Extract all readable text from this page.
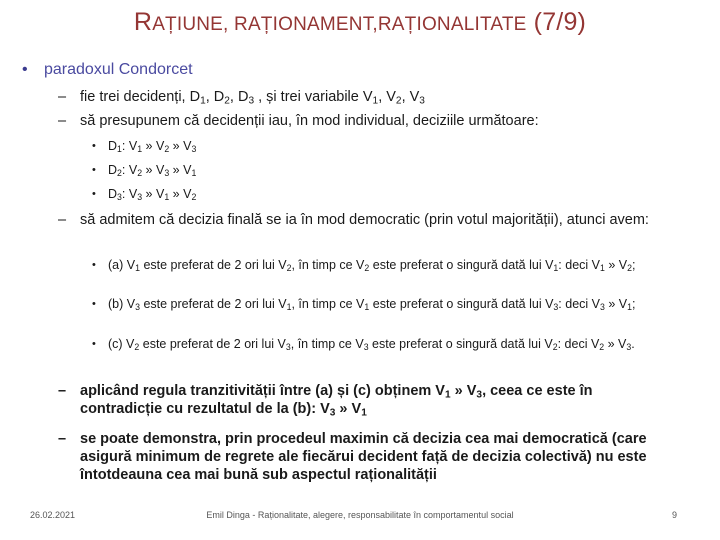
RAȚIUNE, RAȚIONAMENT,RAȚIONALITATE (7/9)
• paradoxul Condorcet
– fie trei decidenți, $D_1$, $D_2$, $D_3$ , și trei variabile $V_1$, $V_2$, $V_3$
– să presupunem că decidenții iau, în mod individual, deciziile următoare:
• $D_1$: $V_1$ » $V_2$ » $V_3$
• $D_2$: $V_2$ » $V_3$ » $V_1$
• $D_3$: $V_3$ » $V_1$ » $V_2$
– să admitem că decizia finală se ia în mod democratic (prin votul majorității), atunci avem:
• (a) $V_1$ este preferat de 2 ori lui $V_2$, în timp ce $V_2$ este preferat o singură dată lui $V_1$: deci $V_1$ » $V_2$;
• (b) $V_3$ este preferat de 2 ori lui $V_1$, în timp ce $V_1$ este preferat o singură dată lui $V_3$: deci $V_3$ » $V_1$;
• (c) $V_2$ este preferat de 2 ori lui $V_3$, în timp ce $V_3$ este preferat o singură dată lui $V_2$: deci $V_2$ » $V_3$.
– aplicând regula tranzitivității între (a) și (c) obținem $V_1$ » $V_3$, ceea ce este în contradicție cu rezultatul de la (b): $V_3$ » $V_1$
– se poate demonstra, prin procedeul maximin că decizia cea mai democratică (care asigură minimum de regrete ale fiecărui decident față de decizia colectivă) nu este întotdeauna cea mai bună sub aspectul raționalității
26.02.2021	Emil Dinga - Raționalitate, alegere, responsabilitate în comportamentul social	9
